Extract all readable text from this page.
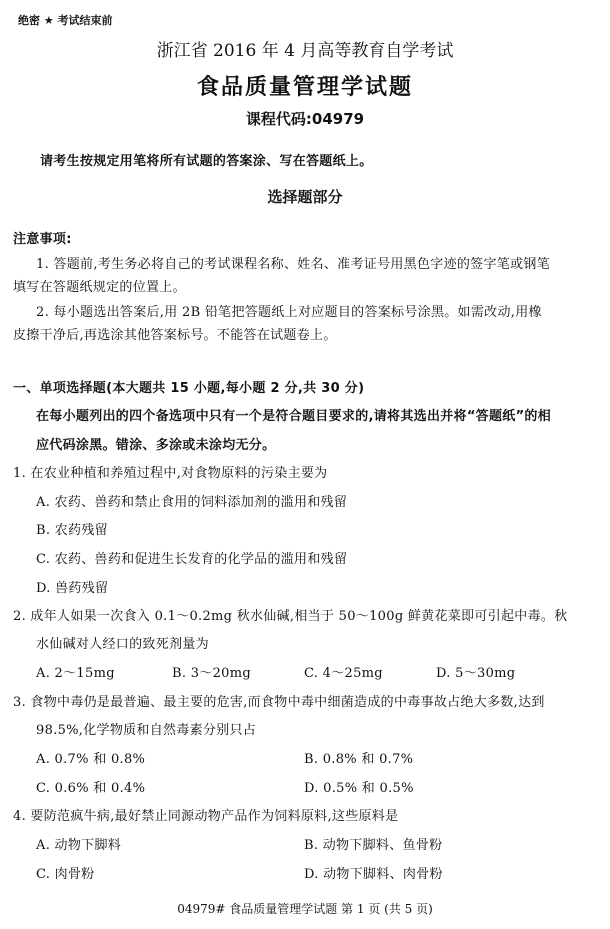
绝密 ★ 考试结束前
浙江省 2016 年 4 月高等教育自学考试
食品质量管理学试题
课程代码:04979
请考生按规定用笔将所有试题的答案涂、写在答题纸上。
选择题部分
注意事项:
1. 答题前,考生务必将自己的考试课程名称、姓名、准考证号用黑色字迹的签字笔或钢笔
填写在答题纸规定的位置上。
2. 每小题选出答案后,用 2B 铅笔把答题纸上对应题目的答案标号涂黑。如需改动,用橡
皮擦干净后,再选涂其他答案标号。不能答在试题卷上。
一、单项选择题(本大题共 15 小题,每小题 2 分,共 30 分)
在每小题列出的四个备选项中只有一个是符合题目要求的,请将其选出并将“答题纸”的相
应代码涂黑。错涂、多涂或未涂均无分。
1. 在农业种植和养殖过程中,对食物原料的污染主要为
A. 农药、兽药和禁止食用的饲料添加剂的滥用和残留
B. 农药残留
C. 农药、兽药和促进生长发育的化学品的滥用和残留
D. 兽药残留
2. 成年人如果一次食入 0.1～0.2mg 秋水仙碱,相当于 50～100g 鲜黄花菜即可引起中毒。秋
水仙碱对人经口的致死剂量为
A. 2～15mg	B. 3～20mg	C. 4～25mg	D. 5～30mg
3. 食物中毒仍是最普遍、最主要的危害,而食物中毒中细菌造成的中毒事故占绝大多数,达到
98.5%,化学物质和自然毒素分别只占
A. 0.7% 和 0.8%	B. 0.8% 和 0.7%
C. 0.6% 和 0.4%	D. 0.5% 和 0.5%
4. 要防范疯牛病,最好禁止同源动物产品作为饲料原料,这些原料是
A. 动物下脚料	B. 动物下脚料、鱼骨粉
C. 肉骨粉	D. 动物下脚料、肉骨粉
04979# 食品质量管理学试题 第 1 页 (共 5 页)
